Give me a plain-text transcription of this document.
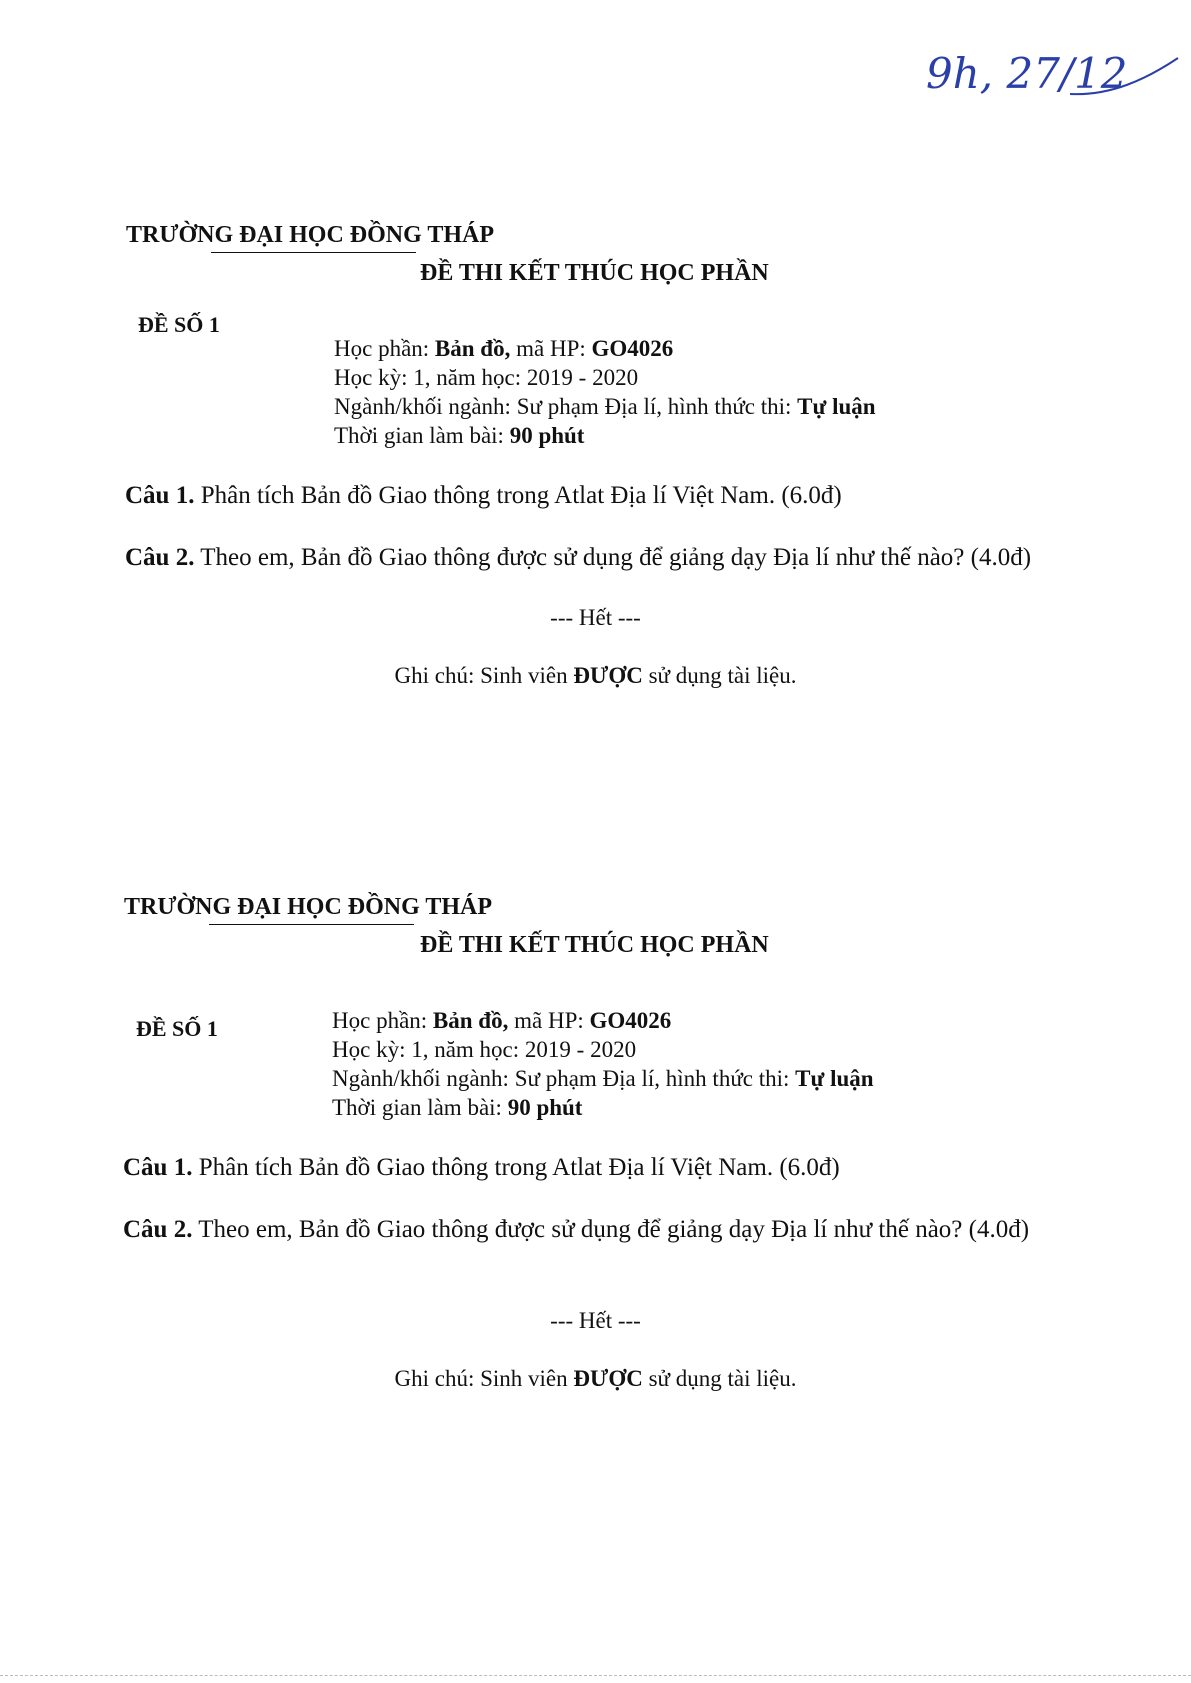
9h, 27/12
TRƯỜNG ĐẠI HỌC ĐỒNG THÁP
ĐỀ THI KẾT THÚC HỌC PHẦN
ĐỀ SỐ 1
Học phần: Bản đồ, mã HP: GO4026
Học kỳ: 1, năm học: 2019 - 2020
Ngành/khối ngành: Sư phạm Địa lí, hình thức thi: Tự luận
Thời gian làm bài: 90 phút
Câu 1. Phân tích Bản đồ Giao thông trong Atlat Địa lí Việt Nam. (6.0đ)
Câu 2. Theo em, Bản đồ Giao thông được sử dụng để giảng dạy Địa lí như thế nào? (4.0đ)
--- Hết ---
Ghi chú: Sinh viên ĐƯỢC sử dụng tài liệu.
TRƯỜNG ĐẠI HỌC ĐỒNG THÁP
ĐỀ THI KẾT THÚC HỌC PHẦN
ĐỀ SỐ 1	Học phần: Bản đồ, mã HP: GO4026
Học kỳ: 1, năm học: 2019 - 2020
Ngành/khối ngành: Sư phạm Địa lí, hình thức thi: Tự luận
Thời gian làm bài: 90 phút
Câu 1. Phân tích Bản đồ Giao thông trong Atlat Địa lí Việt Nam. (6.0đ)
Câu 2. Theo em, Bản đồ Giao thông được sử dụng để giảng dạy Địa lí như thế nào? (4.0đ)
--- Hết ---
Ghi chú: Sinh viên ĐƯỢC sử dụng tài liệu.
